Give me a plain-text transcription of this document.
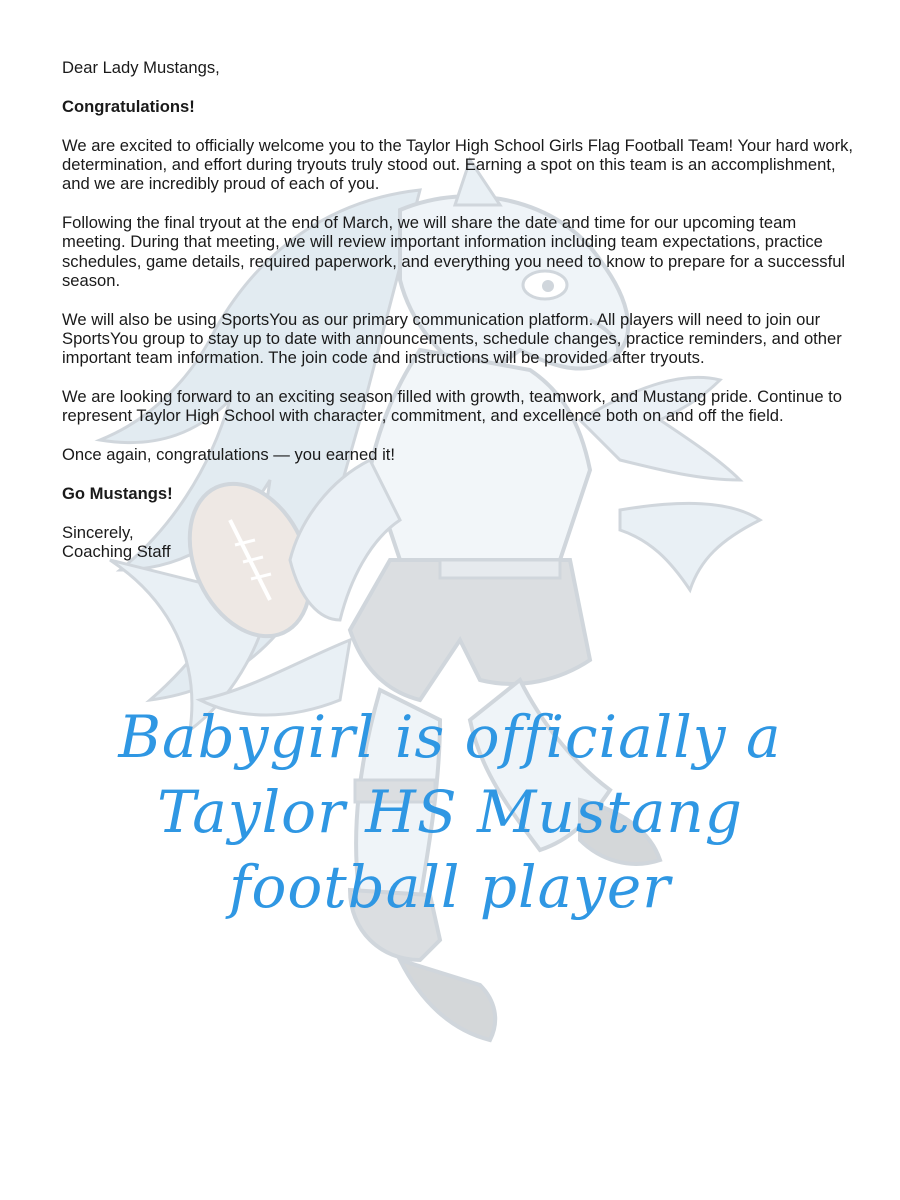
Dear Lady Mustangs,

Congratulations!

We are excited to officially welcome you to the Taylor High School Girls Flag Football Team! Your hard work, determination, and effort during tryouts truly stood out. Earning a spot on this team is an accomplishment, and we are incredibly proud of each of you.

Following the final tryout at the end of March, we will share the date and time for our upcoming team meeting. During that meeting, we will review important information including team expectations, practice schedules, game details, required paperwork, and everything you need to know to prepare for a successful season.

We will also be using SportsYou as our primary communication platform. All players will need to join our SportsYou group to stay up to date with announcements, schedule changes, practice reminders, and other important team information. The join code and instructions will be provided after tryouts.

We are looking forward to an exciting season filled with growth, teamwork, and Mustang pride. Continue to represent Taylor High School with character, commitment, and excellence both on and off the field.

Once again, congratulations — you earned it!

Go Mustangs!

Sincerely,

Coaching Staff

Babygirl is officially a
Taylor HS Mustang
football player
